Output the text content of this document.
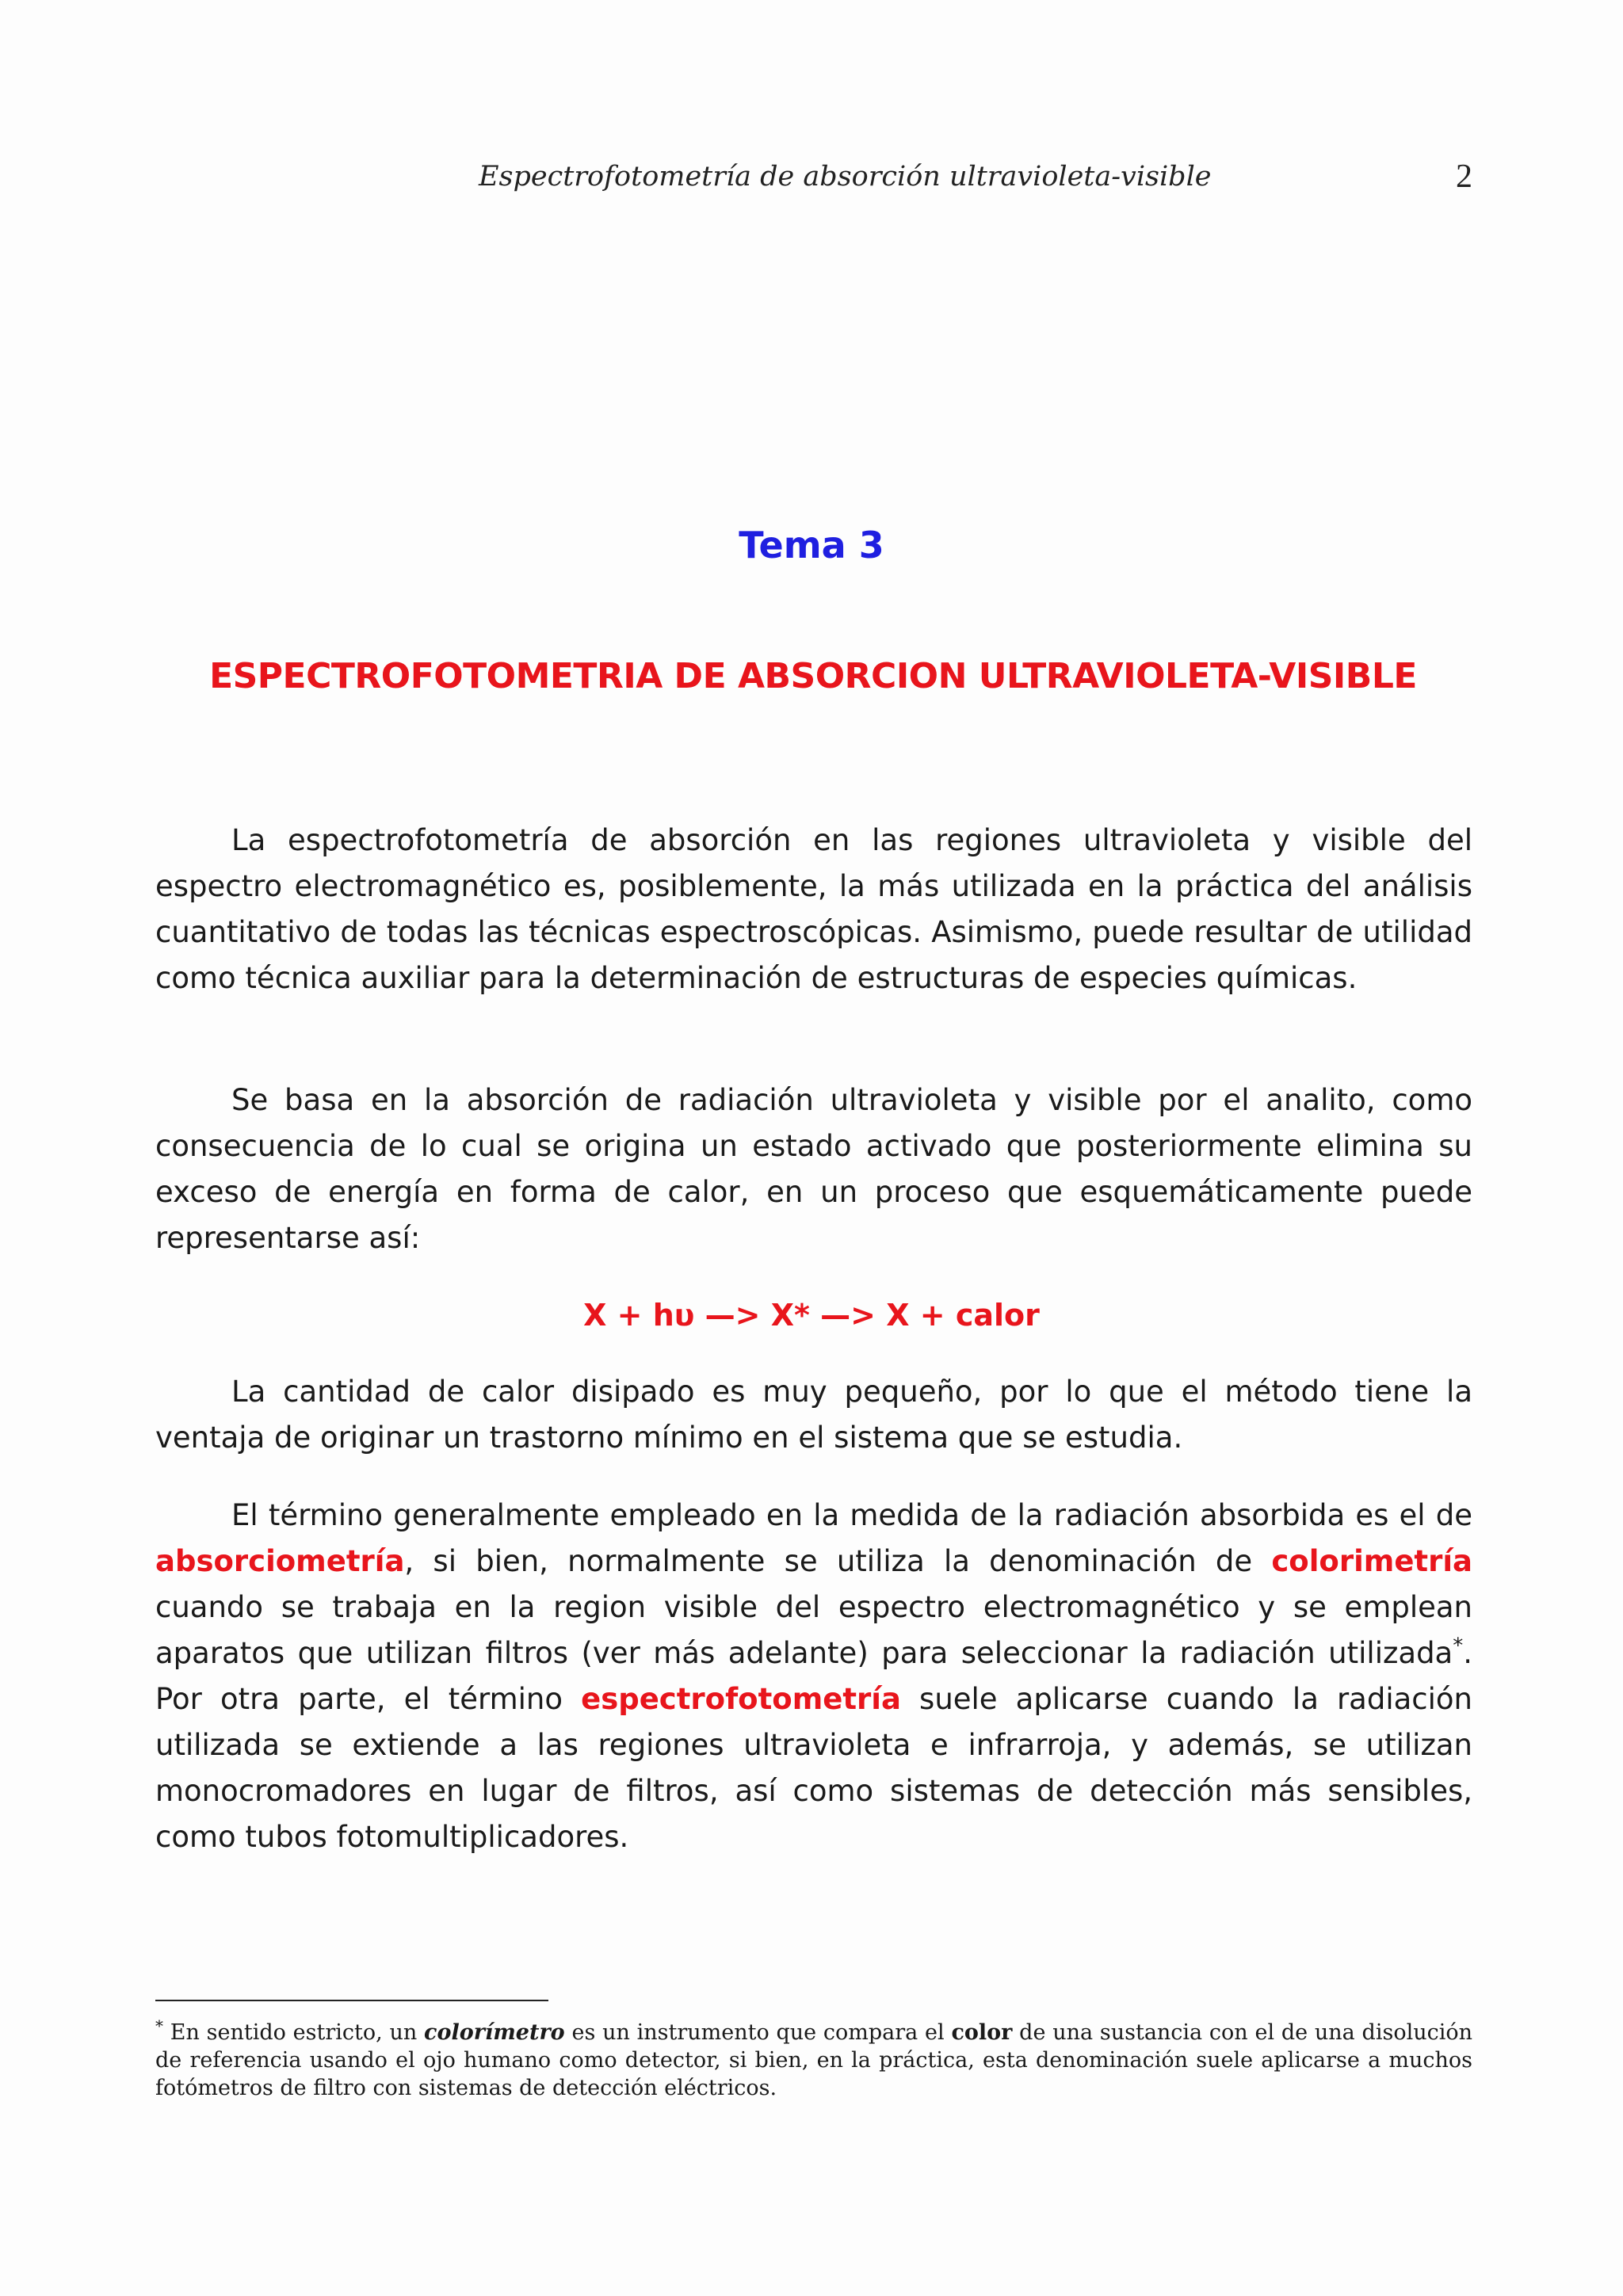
Espectrofotometría de absorción ultravioleta-visible	2
Tema 3
ESPECTROFOTOMETRIA DE ABSORCION ULTRAVIOLETA-VISIBLE

La espectrofotometría de absorción en las regiones ultravioleta y visible del espectro electromagnético es, posiblemente, la más utilizada en la práctica del análisis cuantitativo de todas las técnicas espectroscópicas. Asimismo, puede resultar de utilidad como técnica auxiliar para la determinación de estructuras de especies químicas.

Se basa en la absorción de radiación ultravioleta y visible por el analito, como consecuencia de lo cual se origina un estado activado que posteriormente elimina su exceso de energía en forma de calor, en un proceso que esquemáticamente puede representarse así:

X + hυ —> X* —> X + calor

La cantidad de calor disipado es muy pequeño, por lo que el método tiene la ventaja de originar un trastorno mínimo en el sistema que se estudia.

El término generalmente empleado en la medida de la radiación absorbida es el de absorciometría, si bien, normalmente se utiliza la denominación de colorimetría cuando se trabaja en la region visible del espectro electromagnético y se emplean aparatos que utilizan filtros (ver más adelante) para seleccionar la radiación utilizada*. Por otra parte, el término espectrofotometría suele aplicarse cuando la radiación utilizada se extiende a las regiones ultravioleta e infrarroja, y además, se utilizan monocromadores en lugar de filtros, así como sistemas de detección más sensibles, como tubos fotomultiplicadores.

* En sentido estricto, un colorímetro es un instrumento que compara el color de una sustancia con el de una disolución de referencia usando el ojo humano como detector, si bien, en la práctica, esta denominación suele aplicarse a muchos fotómetros de filtro con sistemas de detección eléctricos.
